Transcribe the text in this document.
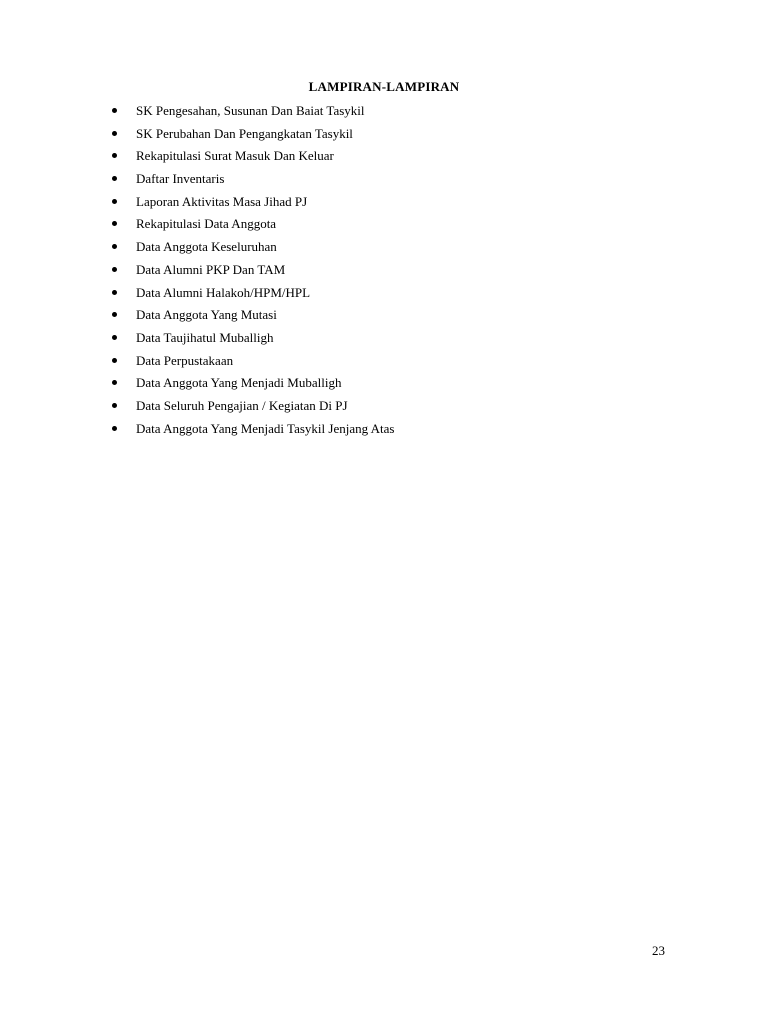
LAMPIRAN-LAMPIRAN
SK Pengesahan, Susunan Dan Baiat Tasykil
SK Perubahan Dan Pengangkatan Tasykil
Rekapitulasi Surat Masuk Dan Keluar
Daftar Inventaris
Laporan Aktivitas Masa Jihad PJ
Rekapitulasi Data Anggota
Data Anggota Keseluruhan
Data Alumni PKP Dan TAM
Data Alumni Halakoh/HPM/HPL
Data Anggota Yang Mutasi
Data Taujihatul Muballigh
Data Perpustakaan
Data Anggota Yang Menjadi Muballigh
Data Seluruh Pengajian / Kegiatan Di PJ
Data Anggota Yang Menjadi Tasykil Jenjang Atas
23
